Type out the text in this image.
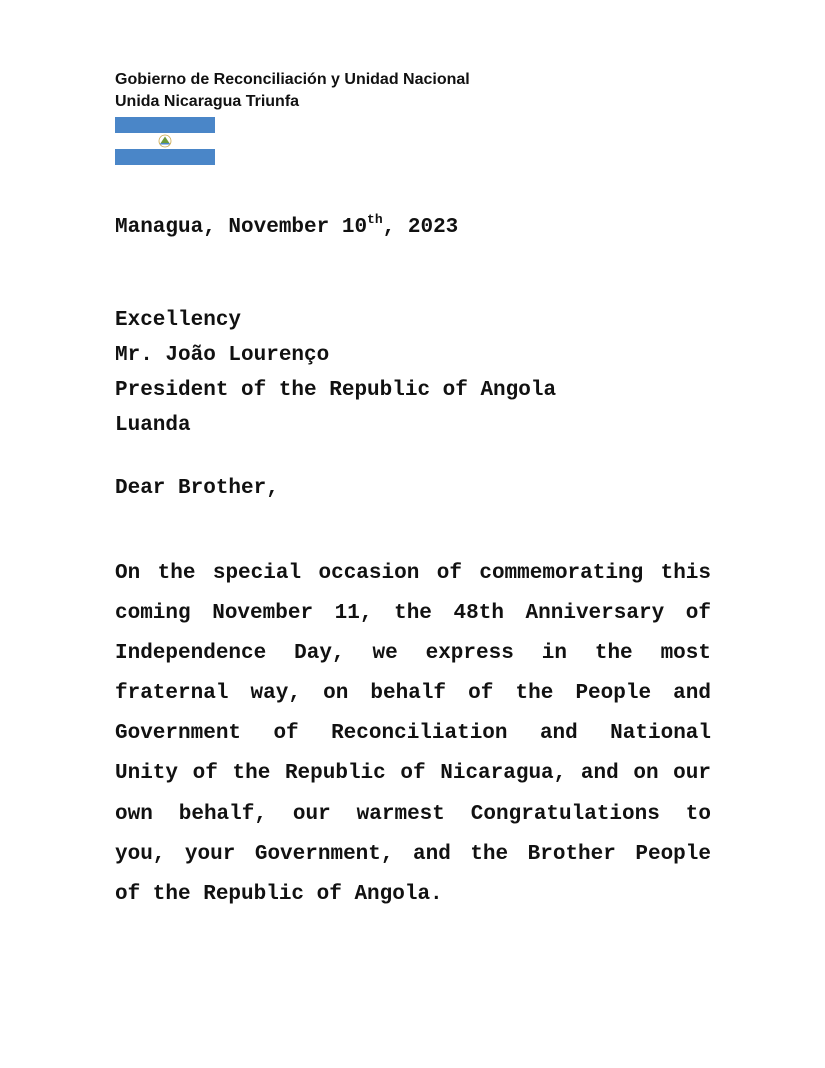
Gobierno de Reconciliación y Unidad Nacional
Unida Nicaragua Triunfa
Managua, November 10th, 2023
Excellency
Mr. João Lourenço
President of the Republic of Angola
Luanda
Dear Brother,
On the special occasion of commemorating this
coming November 11, the 48th Anniversary of
Independence Day, we express in the most
fraternal way, on behalf of the People and
Government of Reconciliation and National
Unity of the Republic of Nicaragua, and on our
own behalf, our warmest Congratulations to
you, your Government, and the Brother People
of the Republic of Angola.
